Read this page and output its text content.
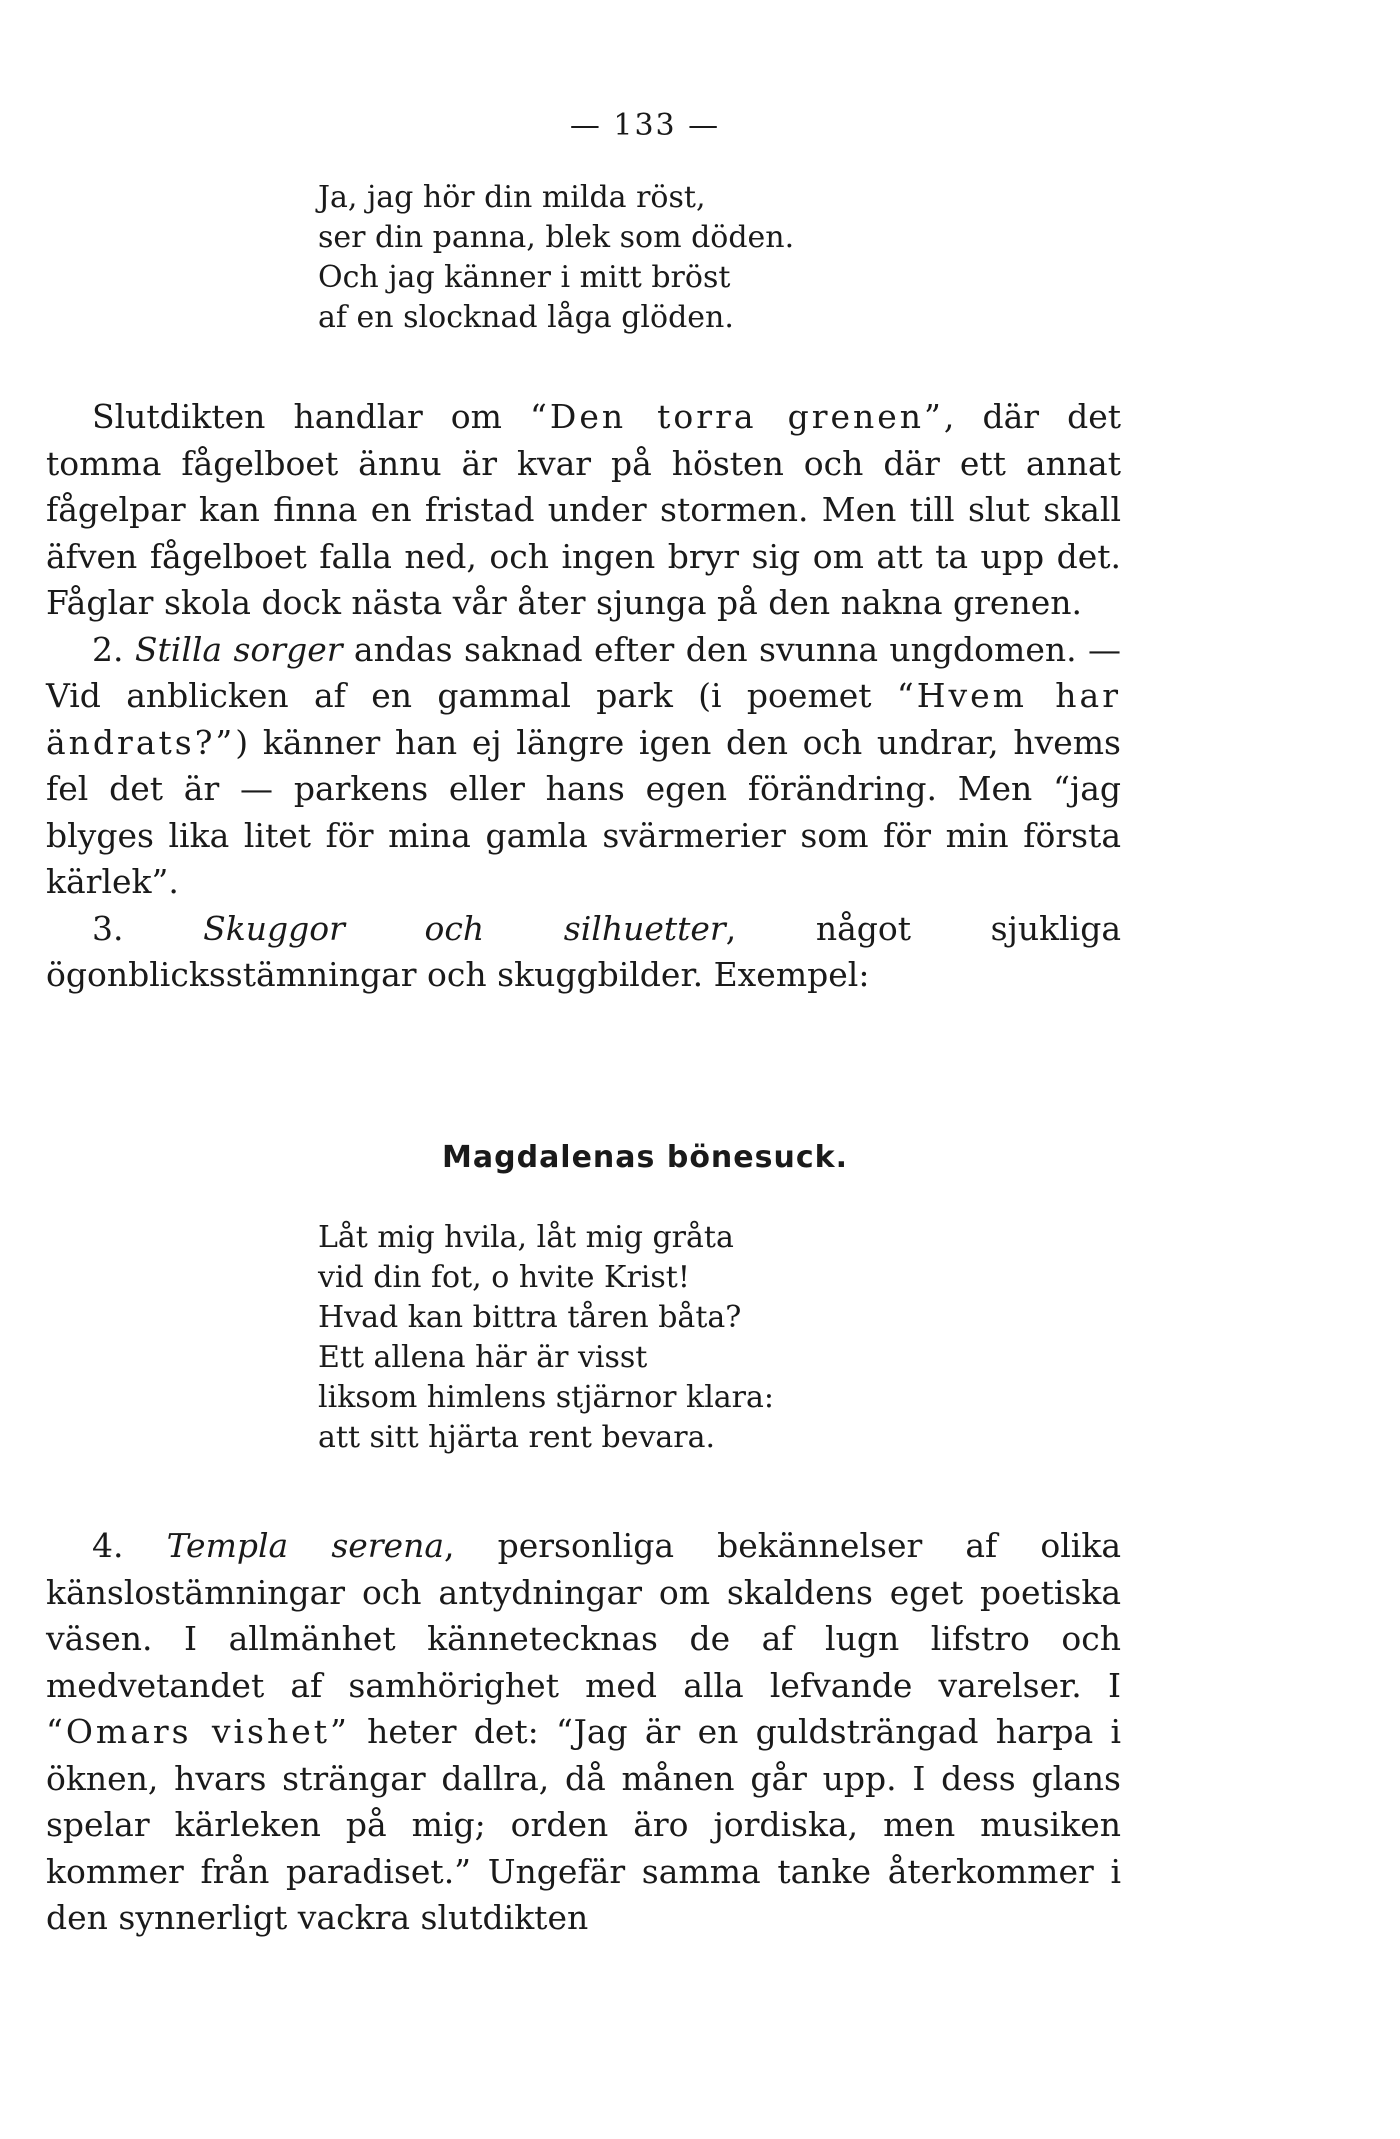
— 133 —
Ja, jag hör din milda röst,
ser din panna, blek som döden.
Och jag känner i mitt bröst
af en slocknad låga glöden.

Slutdikten handlar om “Den torra grenen”, där det tomma fågelboet ännu är kvar på hösten och där ett annat fågelpar kan finna en fristad under stormen. Men till slut skall äfven fågelboet falla ned, och ingen bryr sig om att ta upp det. Fåglar skola dock nästa vår åter sjunga på den nakna grenen.

2. Stilla sorger andas saknad efter den svunna ungdomen. — Vid anblicken af en gammal park (i poemet “Hvem har ändrats?”) känner han ej längre igen den och undrar, hvems fel det är — parkens eller hans egen förändring. Men “jag blyges lika litet för mina gamla svärmerier som för min första kärlek”.

3. Skuggor och silhuetter, något sjukliga ögonblicksstämningar och skuggbilder. Exempel:

Magdalenas bönesuck.
Låt mig hvila, låt mig gråta
vid din fot, o hvite Krist!
Hvad kan bittra tåren båta?
Ett allena här är visst
liksom himlens stjärnor klara:
att sitt hjärta rent bevara.

4. Templa serena, personliga bekännelser af olika känslostämningar och antydningar om skaldens eget poetiska väsen. I allmänhet kännetecknas de af lugn lifstro och medvetandet af samhörighet med alla lefvande varelser. I “Omars vishet” heter det: “Jag är en guldsträngad harpa i öknen, hvars strängar dallra, då månen går upp. I dess glans spelar kärleken på mig; orden äro jordiska, men musiken kommer från paradiset.” Ungefär samma tanke återkommer i den synnerligt vackra slutdikten
